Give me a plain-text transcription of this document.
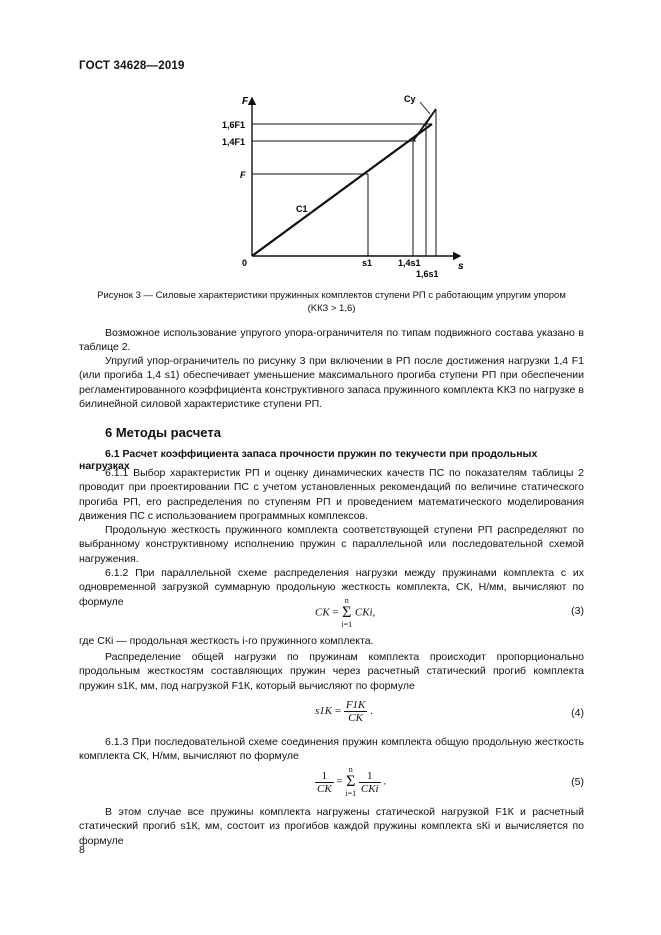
ГОСТ 34628—2019
F
s
0
1,6F1
1,4F1
F
s1	1,4s1
1,6s1
Cy
C1
Рисунок 3 — Силовые характеристики пружинных комплектов ступени РП с работающим упругим упором
(KКЗ > 1,6)
Возможное использование упругого упора-ограничителя по типам подвижного состава указано в таблице 2.
Упругий упор-ограничитель по рисунку 3 при включении в РП после достижения нагрузки 1,4 F1 (или прогиба 1,4 s1) обеспечивает уменьшение максимального прогиба ступени РП при обеспечении регламентированного коэффициента конструктивного запаса пружинного комплекта KКЗ по нагрузке в билинейной силовой характеристике ступени РП.
6 Методы расчета
6.1 Расчет коэффициента запаса прочности пружин по текучести при продольных нагрузках
6.1.1 Выбор характеристик РП и оценку динамических качеств ПС по показателям таблицы 2 проводит при проектировании ПС с учетом установленных рекомендаций по величине статического прогиба РП, его распределения по ступеням РП и проведением математического моделирования движения ПС с использованием программных комплексов.
Продольную жесткость пружинного комплекта соответствующей ступени РП распределяют по выбранному конструктивному исполнению пружин с параллельной или последовательной схемой нагружения.
6.1.2 При параллельной схеме распределения нагрузки между пружинами комплекта с их одновременной загрузкой суммарную продольную жесткость комплекта, CК, Н/мм, вычисляют по формуле
CК = n
Σ
i=1 CКi,	(3)
где CКi — продольная жесткость i-го пружинного комплекта.
Распределение общей нагрузки по пружинам комплекта происходит пропорционально продольным жесткостям составляющих пружин через расчетный статический прогиб комплекта пружин s1К, мм, под нагрузкой F1К, который вычисляют по формуле
$s1К = \frac{F1К}{CК}$ .	(4)
6.1.3 При последовательной схеме соединения пружин комплекта общую продольную жесткость комплекта CК, Н/мм, вычисляют по формуле
$\frac{1}{CК} = n$
Σ
$i=1 \frac{1}{\text{CКi}}$ .	(5)
В этом случае все пружины комплекта нагружены статической нагрузкой F1К и расчетный статический прогиб s1К, мм, состоит из прогибов каждой пружины комплекта sКi и вычисляется по формуле
8
